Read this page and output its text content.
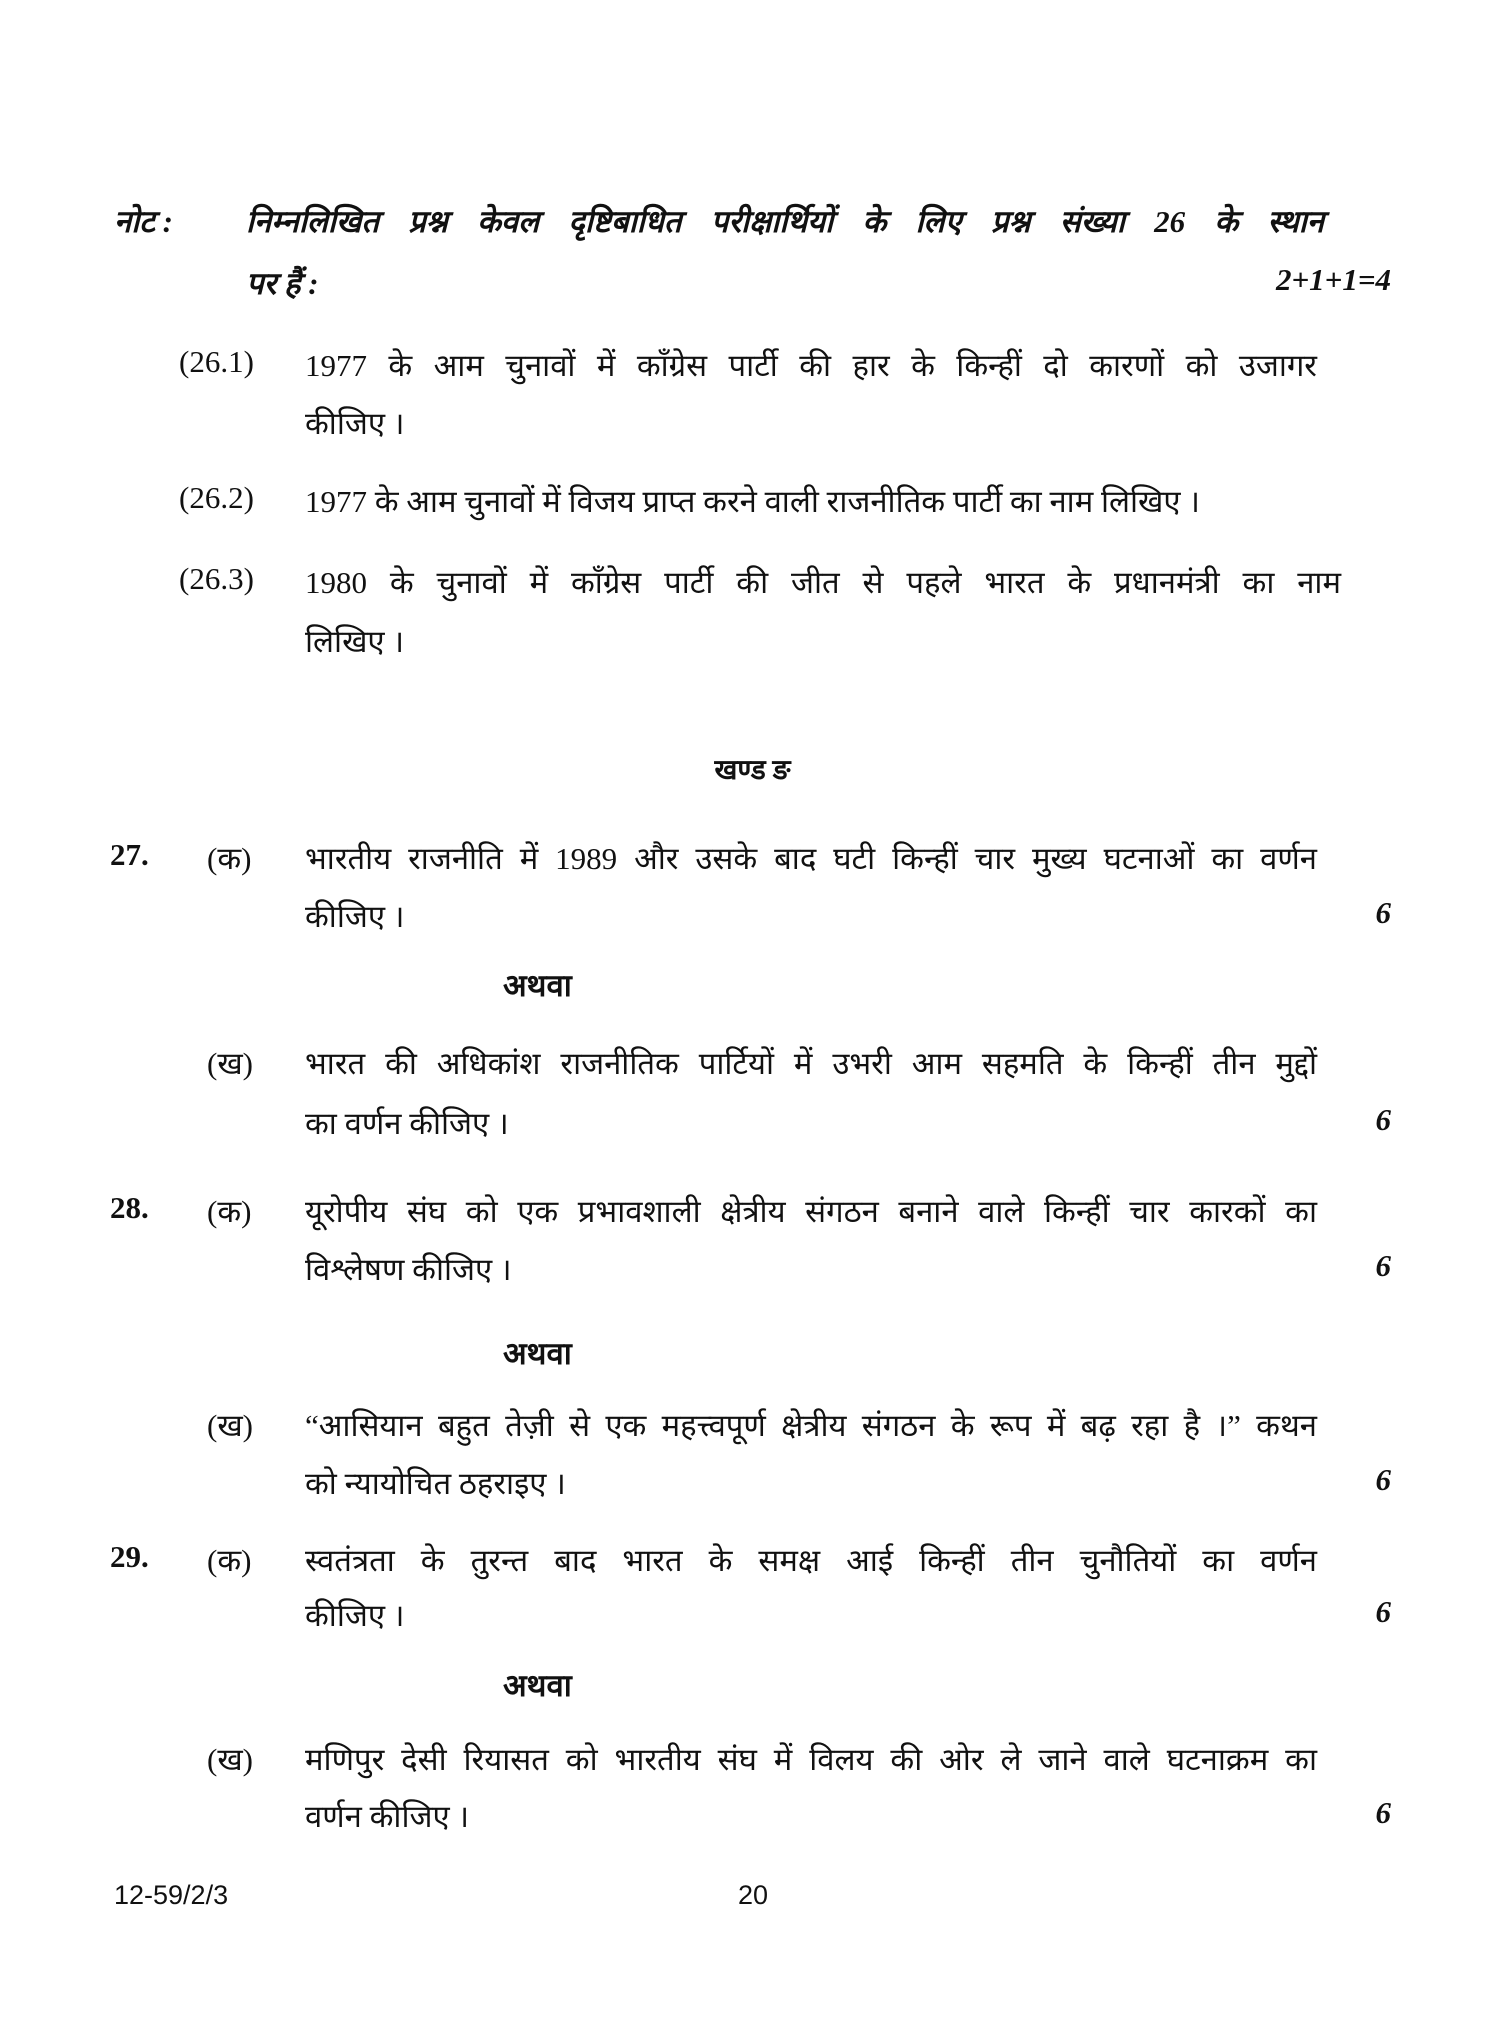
नोट : निम्नलिखित प्रश्न केवल दृष्टिबाधित परीक्षार्थियों के लिए प्रश्न संख्या 26 के स्थान
पर हैं :	2+1+1=4
(26.1) 1977 के आम चुनावों में काँग्रेस पार्टी की हार के किन्हीं दो कारणों को उजागर
कीजिए ।
(26.2) 1977 के आम चुनावों में विजय प्राप्त करने वाली राजनीतिक पार्टी का नाम लिखिए ।
(26.3) 1980 के चुनावों में काँग्रेस पार्टी की जीत से पहले भारत के प्रधानमंत्री का नाम
लिखिए ।
खण्ड ङ
27. (क) भारतीय राजनीति में 1989 और उसके बाद घटी किन्हीं चार मुख्य घटनाओं का वर्णन
कीजिए ।	6
अथवा
(ख) भारत की अधिकांश राजनीतिक पार्टियों में उभरी आम सहमति के किन्हीं तीन मुद्दों
का वर्णन कीजिए ।	6
28. (क) यूरोपीय संघ को एक प्रभावशाली क्षेत्रीय संगठन बनाने वाले किन्हीं चार कारकों का
विश्लेषण कीजिए ।	6
अथवा
(ख) “आसियान बहुत तेज़ी से एक महत्त्वपूर्ण क्षेत्रीय संगठन के रूप में बढ़ रहा है ।” कथन
को न्यायोचित ठहराइए ।	6
29. (क) स्वतंत्रता के तुरन्त बाद भारत के समक्ष आई किन्हीं तीन चुनौतियों का वर्णन
कीजिए ।	6
अथवा
(ख) मणिपुर देसी रियासत को भारतीय संघ में विलय की ओर ले जाने वाले घटनाक्रम का
वर्णन कीजिए ।	6
12-59/2/3	20
